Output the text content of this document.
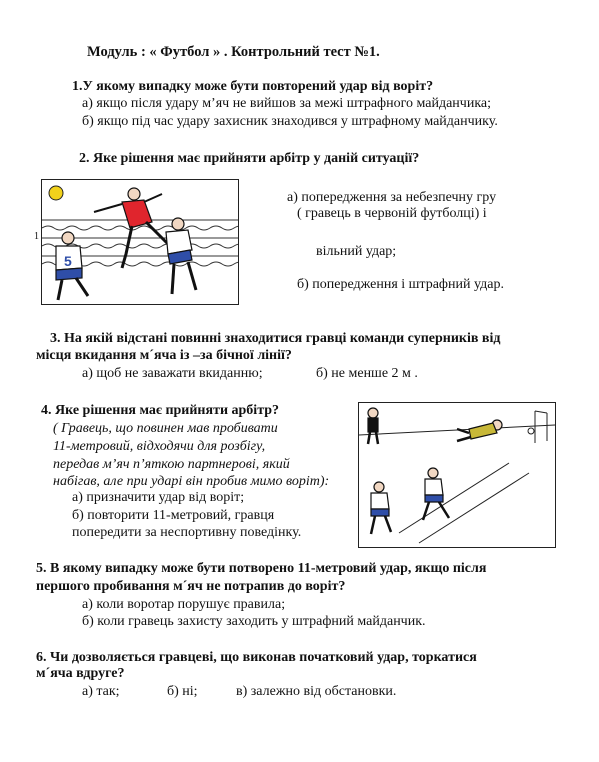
Модуль : « Футбол » . Контрольний тест №1.
1.У якому випадку може бути повторений удар від воріт?
а) якщо після удару м’яч не вийшов за межі штрафного майданчика;
б) якщо під час удару захисник знаходився у штрафному майданчику.
2. Яке рішення має прийняти арбітр у даній ситуації?
1
5
а) попередження за небезпечну гру
( гравець в червоній футболці) і
вільний удар;
б) попередження і штрафний удар.
3. На якій відстані повинні знаходитися гравці команди суперників від
місця вкидання м´яча із –за бічної лінії?
а) щоб не заважати вкиданню;	б) не менше 2 м .
4. Яке рішення має прийняти арбітр?
( Гравець, що повинен мав пробивати
11-метровий, відходячи для розбігу,
передав м’яч п’яткою партнерові, який
набігав, але при ударі він пробив мимо воріт):
а) призначити удар від воріт;
б) повторити 11-метровий, гравця
попередити за неспортивну поведінку.
5. В якому випадку може бути потворено 11-метровий удар, якщо після
першого пробивання м´яч не потрапив до воріт?
а) коли воротар порушує правила;
б) коли гравець захисту заходить у штрафний майданчик.
6. Чи дозволяється гравцеві, що виконав початковий удар, торкатися
м´яча вдруге?
а) так;	б) ні;	в) залежно від обстановки.
